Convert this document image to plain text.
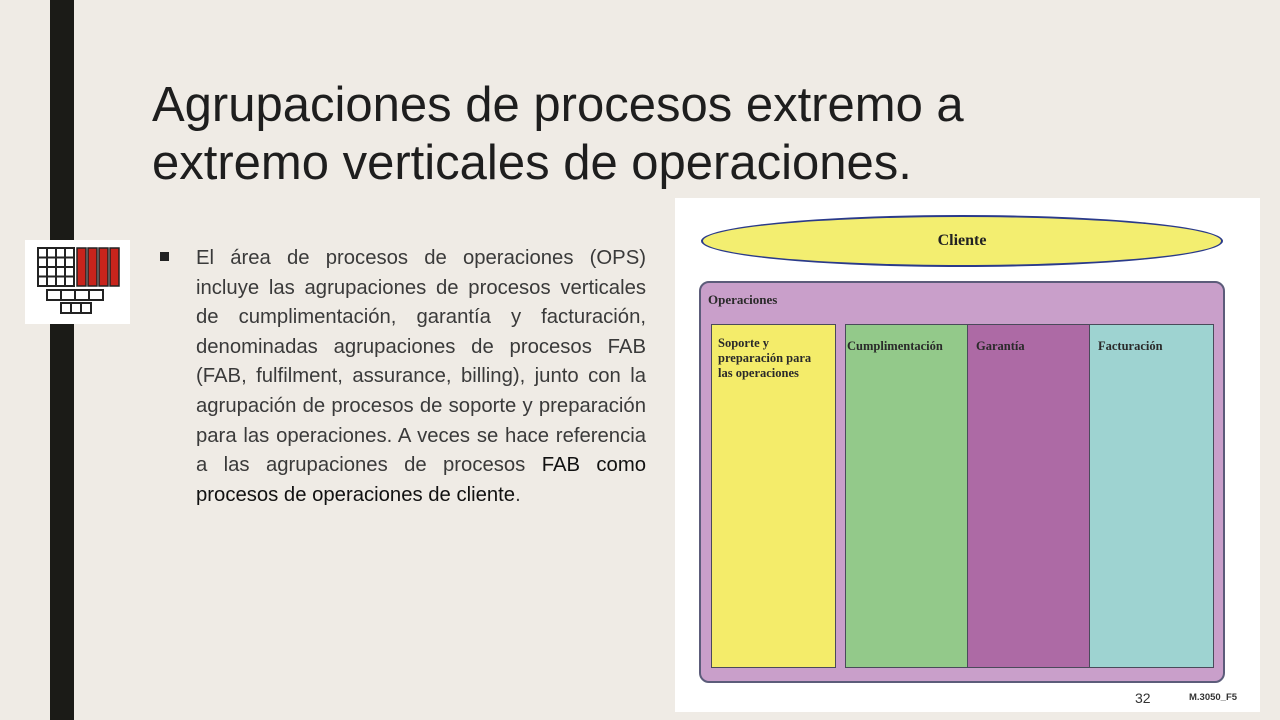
Agrupaciones de procesos extremo a extremo verticales de operaciones.
El área de procesos de operaciones (OPS) incluye las agrupaciones de procesos verticales de cumplimentación, garantía y facturación, denominadas agrupaciones de procesos FAB (FAB, fulfilment, assurance, billing), junto con la agrupación de procesos de soporte y preparación para las operaciones. A veces se hace referencia a las agrupaciones de procesos FAB como procesos de operaciones de cliente.
Cliente
Operaciones
Soporte y preparación para las operaciones
Cumplimentación	Garantía	Facturación
M.3050_F5
32
